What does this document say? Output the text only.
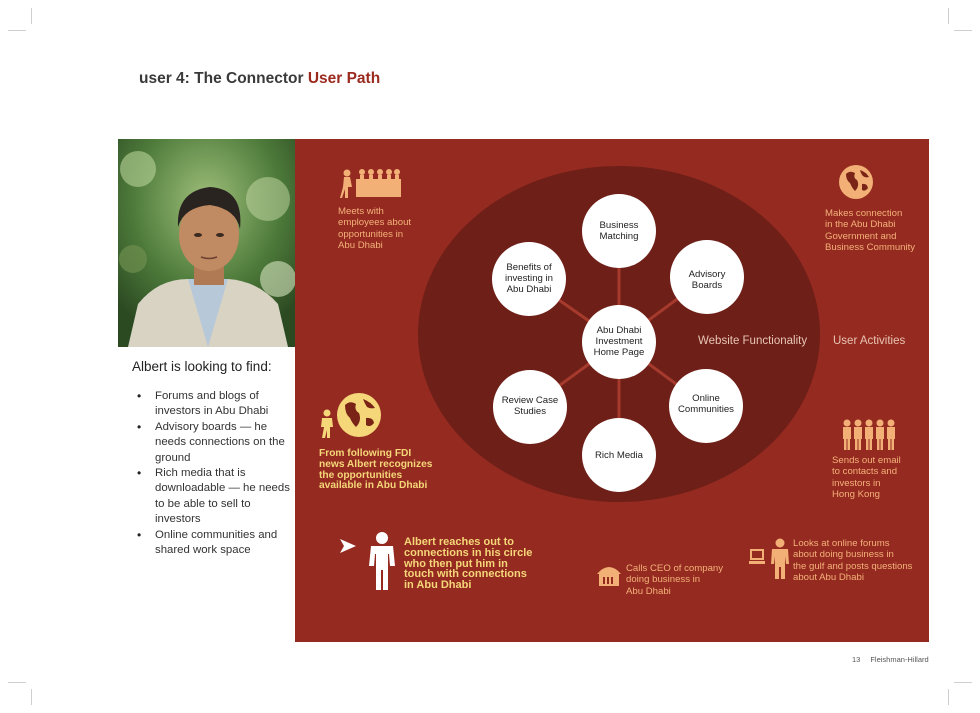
user 4: The Connector User Path
Albert is looking to find:
• Forums and blogs of investors in Abu Dhabi
• Advisory boards — he needs connections on the ground
• Rich media that is downloadable — he needs to be able to sell to investors
• Online communities and shared work space
Business Matching
Advisory Boards
Online Communities
Rich Media
Review Case Studies
Benefits of investing in Abu Dhabi
Abu Dhabi Investment Home Page
Website Functionality User Activities
Meets with
employees about
opportunities in
Abu Dhabi
Makes connection
in the Abu Dhabi
Government and
Business Community
From following FDI
news Albert recognizes
the opportunities
available in Abu Dhabi
Sends out email
to contacts and
investors in
Hong Kong
Albert reaches out to
connections in his circle
who then put him in
touch with connections
in Abu Dhabi
Calls CEO of company
doing business in
Abu Dhabi
Looks at online forums
about doing business in
the gulf and posts questions
about Abu Dhabi
13 Fleishman-Hillard
